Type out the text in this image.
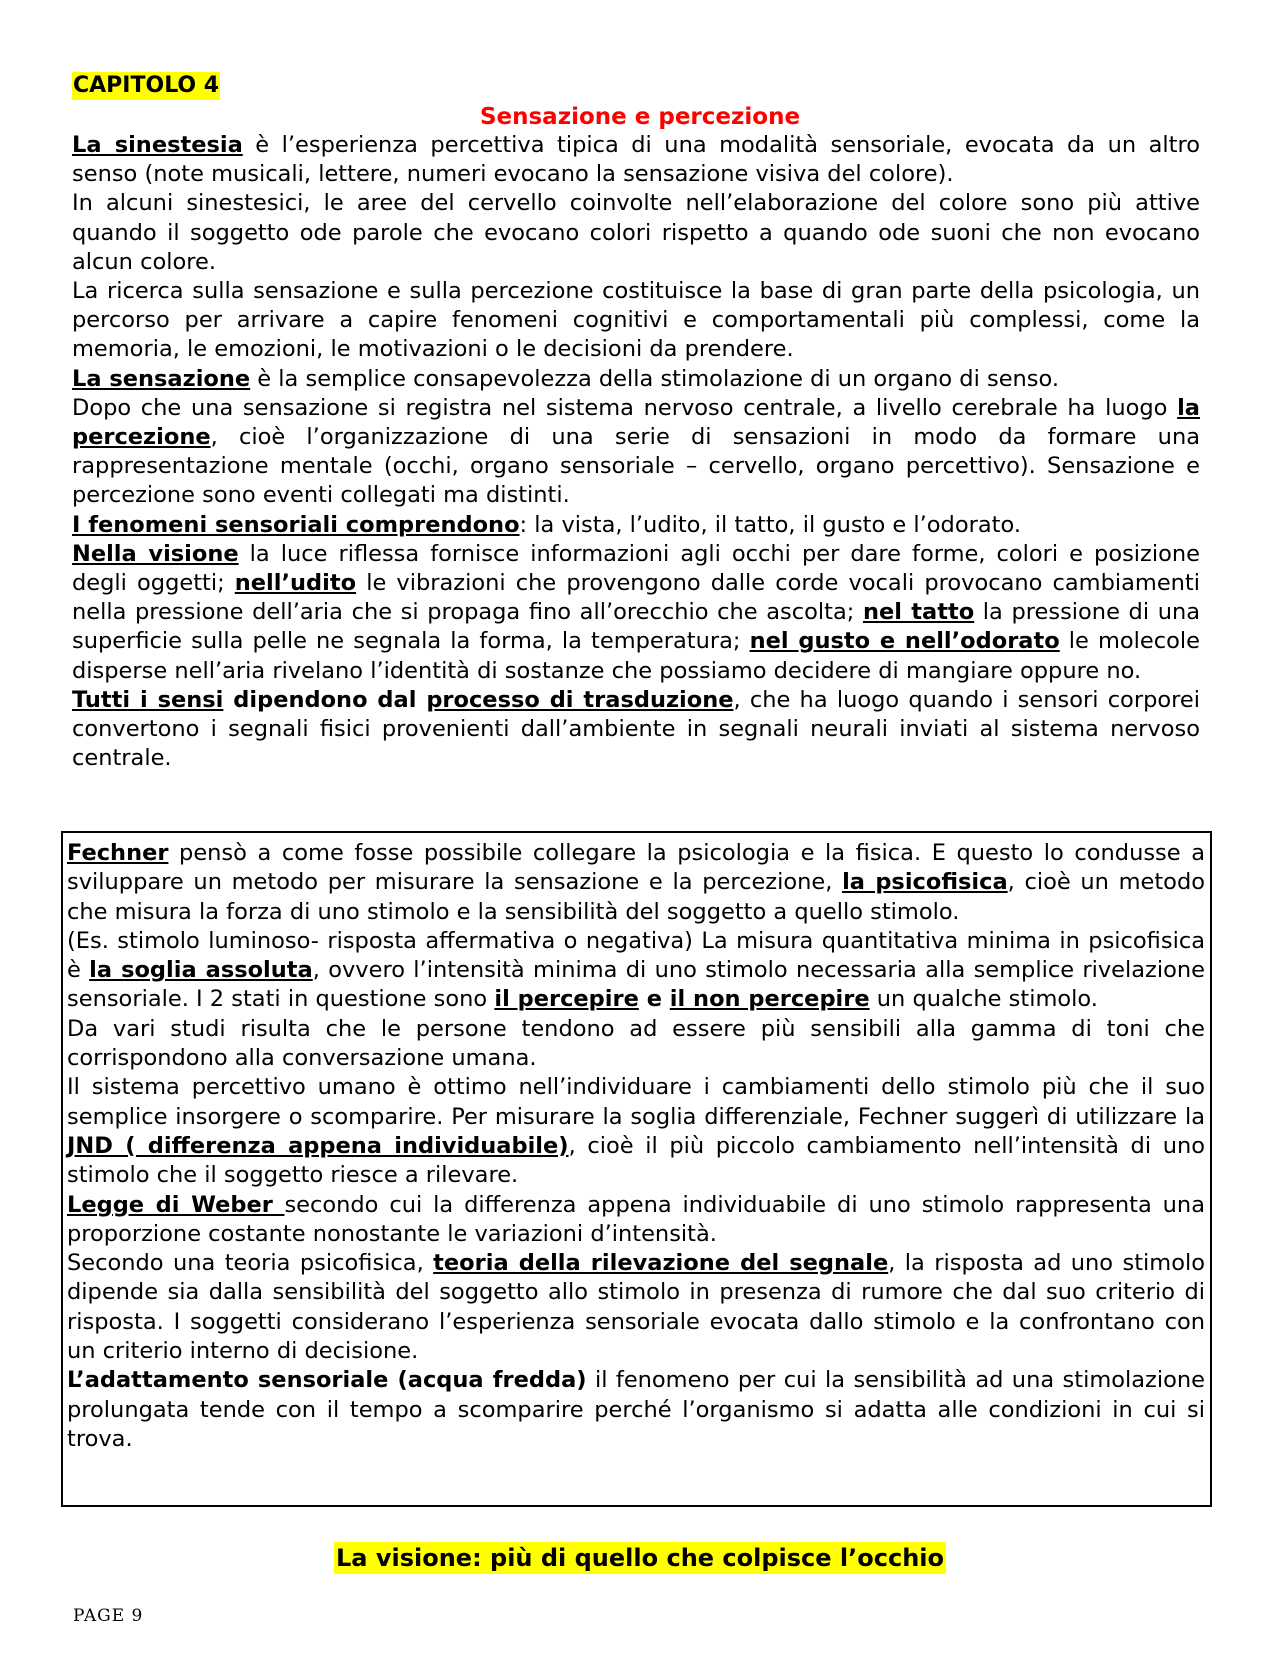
CAPITOLO 4
Sensazione e percezione

La sinestesia è l’esperienza percettiva tipica di una modalità sensoriale, evocata da un altro senso (note musicali, lettere, numeri evocano la sensazione visiva del colore).

In alcuni sinestesici, le aree del cervello coinvolte nell’elaborazione del colore sono più attive quando il soggetto ode parole che evocano colori rispetto a quando ode suoni che non evocano alcun colore.

La ricerca sulla sensazione e sulla percezione costituisce la base di gran parte della psicologia, un percorso per arrivare a capire fenomeni cognitivi e comportamentali più complessi, come la memoria, le emozioni, le motivazioni o le decisioni da prendere.

La sensazione è la semplice consapevolezza della stimolazione di un organo di senso.

Dopo che una sensazione si registra nel sistema nervoso centrale, a livello cerebrale ha luogo la percezione, cioè l’organizzazione di una serie di sensazioni in modo da formare una rappresentazione mentale (occhi, organo sensoriale – cervello, organo percettivo). Sensazione e percezione sono eventi collegati ma distinti.

I fenomeni sensoriali comprendono: la vista, l’udito, il tatto, il gusto e l’odorato.

Nella visione la luce riflessa fornisce informazioni agli occhi per dare forme, colori e posizione degli oggetti; nell’udito le vibrazioni che provengono dalle corde vocali provocano cambiamenti nella pressione dell’aria che si propaga fino all’orecchio che ascolta; nel tatto la pressione di una superficie sulla pelle ne segnala la forma, la temperatura; nel gusto e nell’odorato le molecole disperse nell’aria rivelano l’identità di sostanze che possiamo decidere di mangiare oppure no.

Tutti i sensi dipendono dal processo di trasduzione, che ha luogo quando i sensori corporei convertono i segnali fisici provenienti dall’ambiente in segnali neurali inviati al sistema nervoso centrale.

Fechner pensò a come fosse possibile collegare la psicologia e la fisica. E questo lo condusse a sviluppare un metodo per misurare la sensazione e la percezione, la psicofisica, cioè un metodo che misura la forza di uno stimolo e la sensibilità del soggetto a quello stimolo.

(Es. stimolo luminoso- risposta affermativa o negativa) La misura quantitativa minima in psicofisica è la soglia assoluta, ovvero l’intensità minima di uno stimolo necessaria alla semplice rivelazione sensoriale. I 2 stati in questione sono il percepire e il non percepire un qualche stimolo.

Da vari studi risulta che le persone tendono ad essere più sensibili alla gamma di toni che corrispondono alla conversazione umana.

Il sistema percettivo umano è ottimo nell’individuare i cambiamenti dello stimolo più che il suo semplice insorgere o scomparire. Per misurare la soglia differenziale, Fechner suggerì di utilizzare la JND ( differenza appena individuabile), cioè il più piccolo cambiamento nell’intensità di uno stimolo che il soggetto riesce a rilevare.

Legge di Weber secondo cui la differenza appena individuabile di uno stimolo rappresenta una proporzione costante nonostante le variazioni d’intensità.

Secondo una teoria psicofisica, teoria della rilevazione del segnale, la risposta ad uno stimolo dipende sia dalla sensibilità del soggetto allo stimolo in presenza di rumore che dal suo criterio di risposta. I soggetti considerano l’esperienza sensoriale evocata dallo stimolo e la confrontano con un criterio interno di decisione.

L’adattamento sensoriale (acqua fredda) il fenomeno per cui la sensibilità ad una stimolazione prolungata tende con il tempo a scomparire perché l’organismo si adatta alle condizioni in cui si trova.

La visione: più di quello che colpisce l’occhio
PAGE 9
